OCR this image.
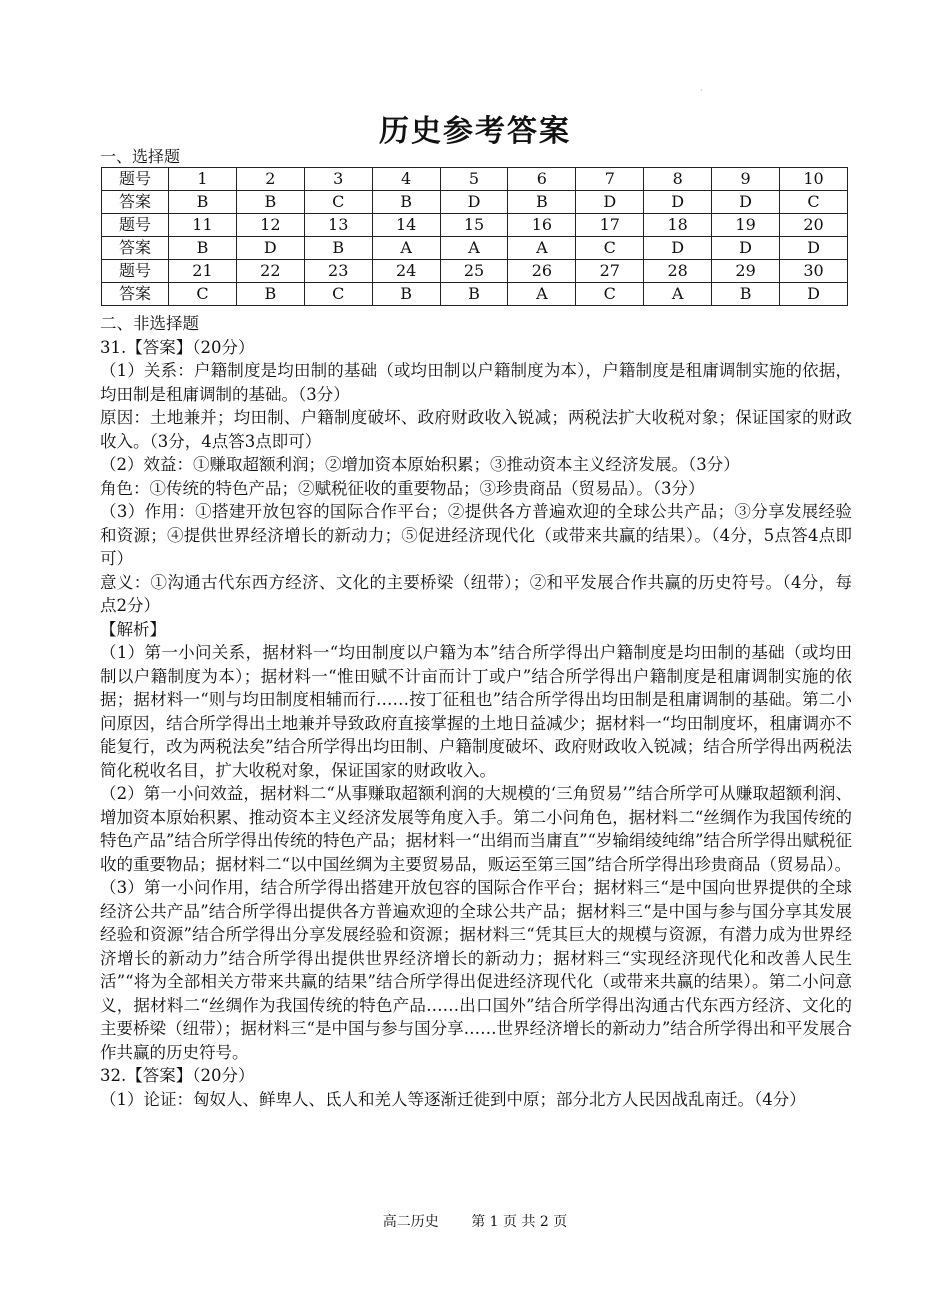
·
历史参考答案
一、选择题
题号	1	2	3	4	5	6	7	8	9	10
答案	B	B	C	B	D	B	D	D	D	C
题号	11	12	13	14	15	16	17	18	19	20
答案	B	D	B	A	A	A	C	D	D	D
题号	21	22	23	24	25	26	27	28	29	30
答案	C	B	C	B	B	A	C	A	B	D

二、非选择题

31.【答案】（20分）

（1）关系：户籍制度是均田制的基础（或均田制以户籍制度为本），户籍制度是租庸调制实施的依据，均田制是租庸调制的基础。（3分）

原因：土地兼并；均田制、户籍制度破坏、政府财政收入锐减；两税法扩大收税对象；保证国家的财政收入。（3分，4点答3点即可）

（2）效益：①赚取超额利润；②增加资本原始积累；③推动资本主义经济发展。（3分）

角色：①传统的特色产品；②赋税征收的重要物品；③珍贵商品（贸易品）。（3分）

（3）作用：①搭建开放包容的国际合作平台；②提供各方普遍欢迎的全球公共产品；③分享发展经验和资源；④提供世界经济增长的新动力；⑤促进经济现代化（或带来共赢的结果）。（4分，5点答4点即可）

意义：①沟通古代东西方经济、文化的主要桥梁（纽带）；②和平发展合作共赢的历史符号。（4分，每点2分）

【解析】

（1）第一小问关系，据材料一“均田制度以户籍为本”结合所学得出户籍制度是均田制的基础（或均田制以户籍制度为本）；据材料一“惟田赋不计亩而计丁或户”结合所学得出户籍制度是租庸调制实施的依据；据材料一“则与均田制度相辅而行……按丁征租也”结合所学得出均田制是租庸调制的基础。第二小问原因，结合所学得出土地兼并导致政府直接掌握的土地日益减少；据材料一“均田制度坏，租庸调亦不能复行，改为两税法矣”结合所学得出均田制、户籍制度破坏、政府财政收入锐减；结合所学得出两税法简化税收名目，扩大收税对象，保证国家的财政收入。

（2）第一小问效益，据材料二“从事赚取超额利润的大规模的‘三角贸易’”结合所学可从赚取超额利润、增加资本原始积累、推动资本主义经济发展等角度入手。第二小问角色，据材料二“丝绸作为我国传统的特色产品”结合所学得出传统的特色产品；据材料一“出绢而当庸直”“岁输绢绫纯绵”结合所学得出赋税征收的重要物品；据材料二“以中国丝绸为主要贸易品，贩运至第三国”结合所学得出珍贵商品（贸易品）。

（3）第一小问作用，结合所学得出搭建开放包容的国际合作平台；据材料三“是中国向世界提供的全球经济公共产品”结合所学得出提供各方普遍欢迎的全球公共产品；据材料三“是中国与参与国分享其发展经验和资源”结合所学得出分享发展经验和资源；据材料三“凭其巨大的规模与资源，有潜力成为世界经济增长的新动力”结合所学得出提供世界经济增长的新动力；据材料三“实现经济现代化和改善人民生活”“将为全部相关方带来共赢的结果”结合所学得出促进经济现代化（或带来共赢的结果）。第二小问意义，据材料二“丝绸作为我国传统的特色产品……出口国外”结合所学得出沟通古代东西方经济、文化的主要桥梁（纽带）；据材料三“是中国与参与国分享……世界经济增长的新动力”结合所学得出和平发展合作共赢的历史符号。

32.【答案】（20分）

（1）论证：匈奴人、鲜卑人、氐人和羌人等逐渐迁徙到中原；部分北方人民因战乱南迁。（4分）

高二历史 第 1 页 共 2 页
